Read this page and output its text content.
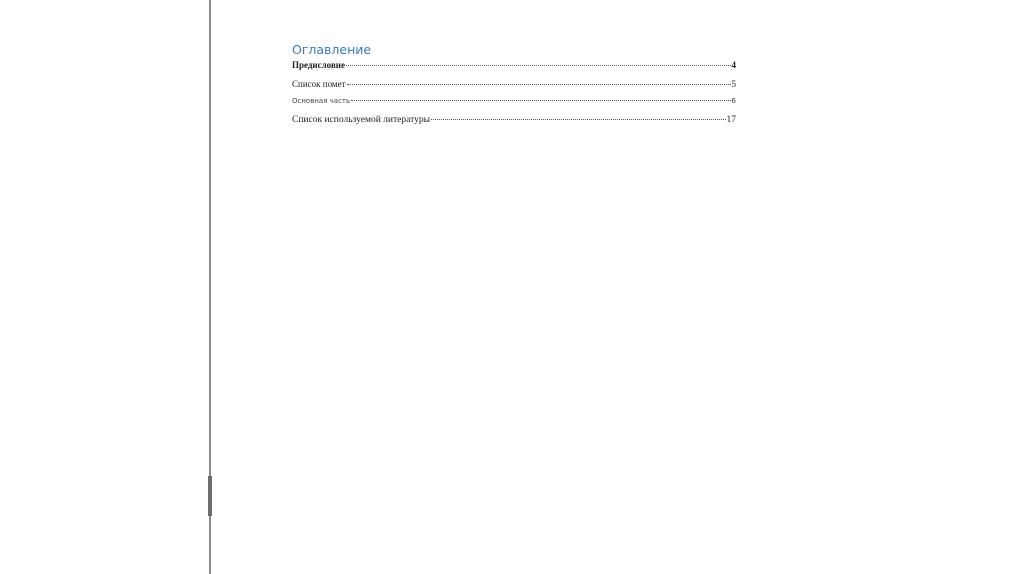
Оглавление
Предисловие	4
Список помет	5
Основная часть	6
Список используемой литературы	17
